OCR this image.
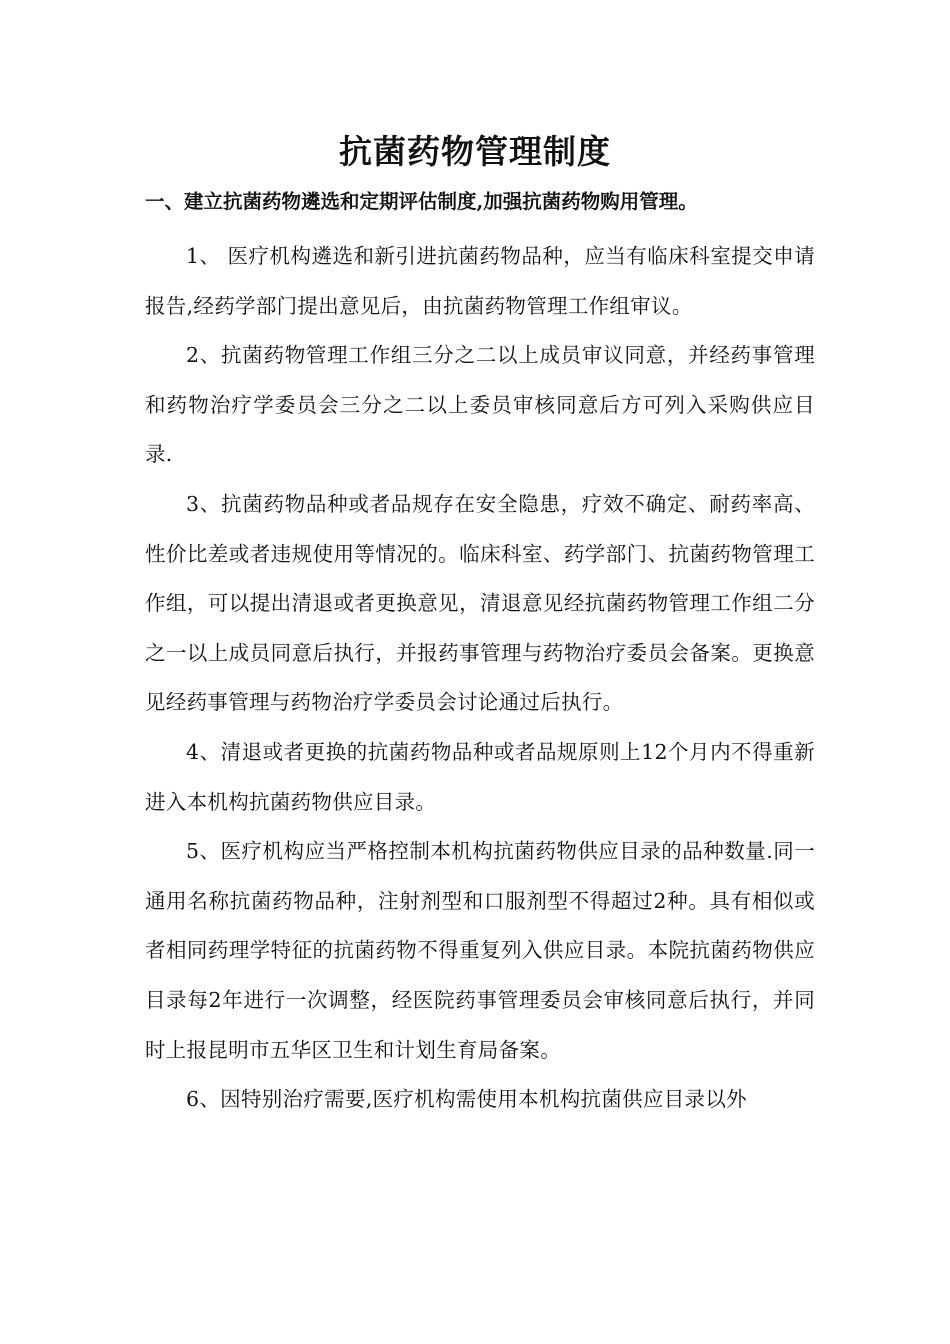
抗菌药物管理制度
一、建立抗菌药物遴选和定期评估制度,加强抗菌药物购用管理。

1、 医疗机构遴选和新引进抗菌药物品种，应当有临床科室提交申请报告,经药学部门提出意见后，由抗菌药物管理工作组审议。

2、抗菌药物管理工作组三分之二以上成员审议同意，并经药事管理和药物治疗学委员会三分之二以上委员审核同意后方可列入采购供应目录.

3、抗菌药物品种或者品规存在安全隐患，疗效不确定、耐药率高、性价比差或者违规使用等情况的。临床科室、药学部门、抗菌药物管理工作组，可以提出清退或者更换意见，清退意见经抗菌药物管理工作组二分之一以上成员同意后执行，并报药事管理与药物治疗委员会备案。更换意见经药事管理与药物治疗学委员会讨论通过后执行。

4、清退或者更换的抗菌药物品种或者品规原则上12个月内不得重新进入本机构抗菌药物供应目录。

5、医疗机构应当严格控制本机构抗菌药物供应目录的品种数量.同一通用名称抗菌药物品种，注射剂型和口服剂型不得超过2种。具有相似或者相同药理学特征的抗菌药物不得重复列入供应目录。本院抗菌药物供应目录每2年进行一次调整，经医院药事管理委员会审核同意后执行，并同时上报昆明市五华区卫生和计划生育局备案。

6、因特别治疗需要,医疗机构需使用本机构抗菌供应目录以外
